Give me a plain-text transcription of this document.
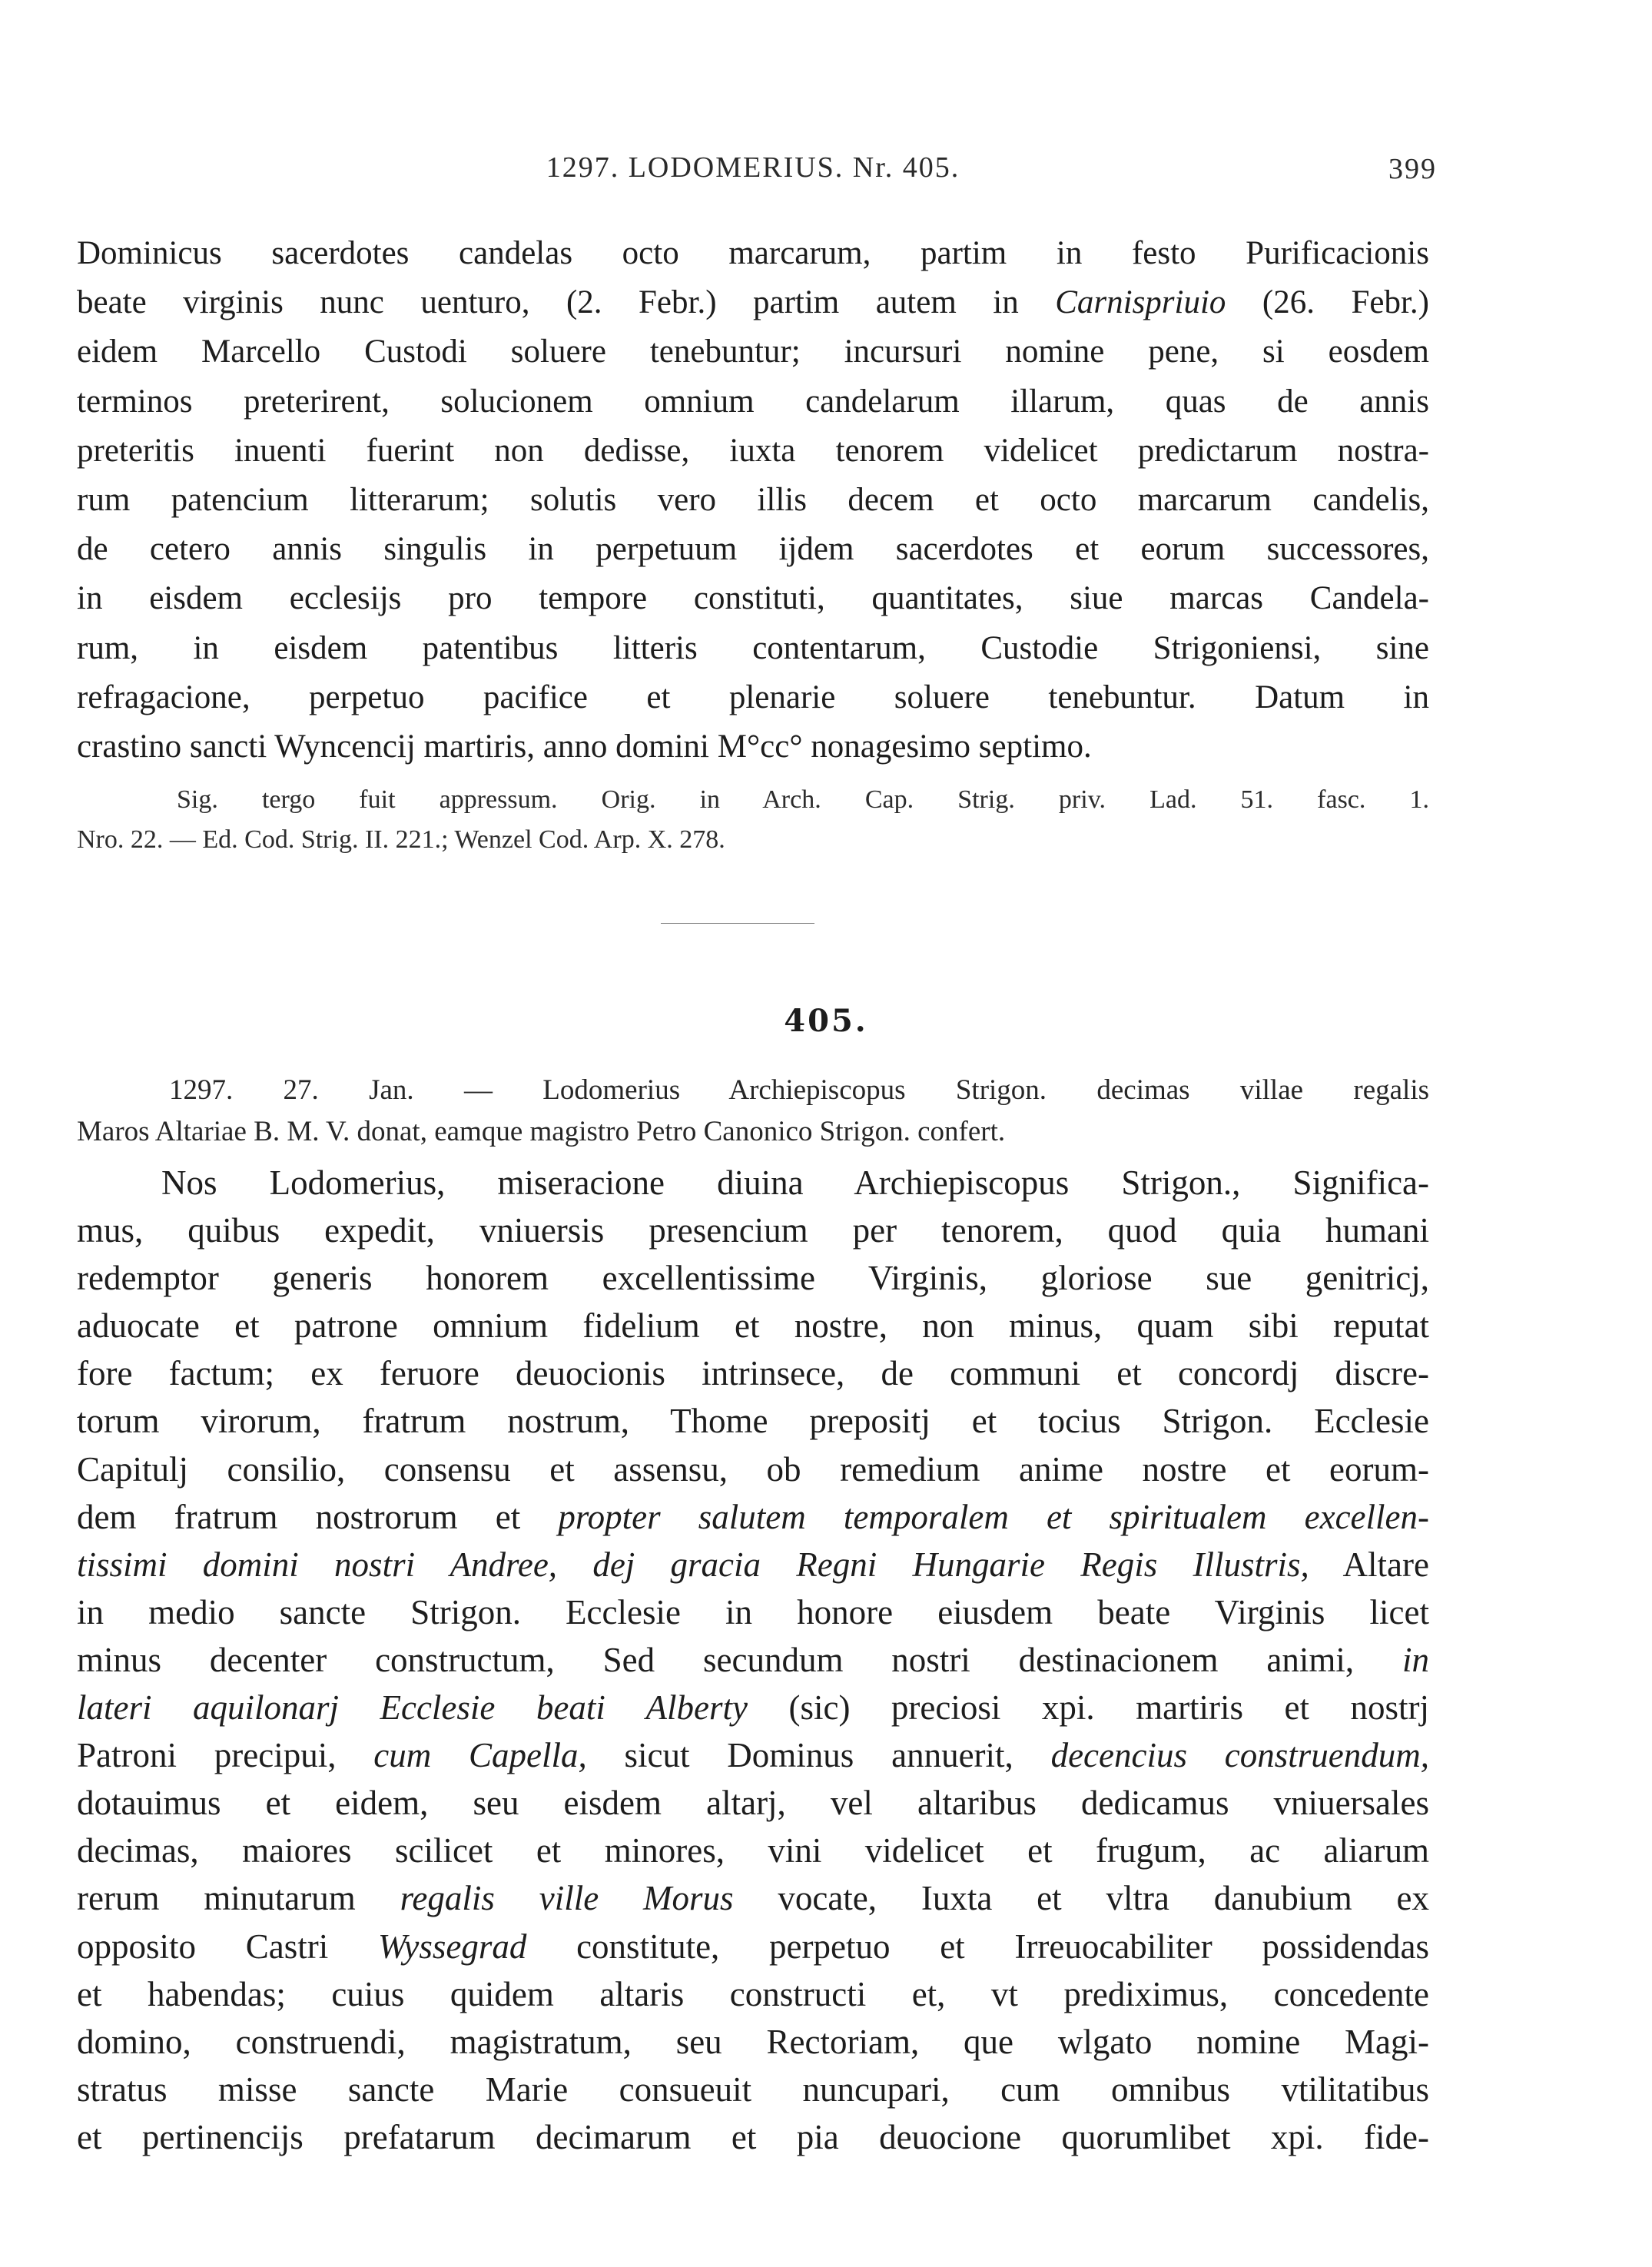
1297. LODOMERIUS. Nr. 405.	399
Dominicus sacerdotes candelas octo marcarum, partim in festo Purificacionis
beate virginis nunc uenturo, (2. Febr.) partim autem in Carnispriuio (26. Febr.)
eidem Marcello Custodi soluere tenebuntur; incursuri nomine pene, si eosdem
terminos preterirent, solucionem omnium candelarum illarum, quas de annis
preteritis inuenti fuerint non dedisse, iuxta tenorem videlicet predictarum nostra-
rum patencium litterarum; solutis vero illis decem et octo marcarum candelis,
de cetero annis singulis in perpetuum ijdem sacerdotes et eorum successores,
in eisdem ecclesijs pro tempore constituti, quantitates, siue marcas Candela-
rum, in eisdem patentibus litteris contentarum, Custodie Strigoniensi, sine
refragacione, perpetuo pacifice et plenarie soluere tenebuntur. Datum in
crastino sancti Wyncencij martiris, anno domini M°cc° nonagesimo septimo.
Sig. tergo fuit appressum. Orig. in Arch. Cap. Strig. priv. Lad. 51. fasc. 1.
Nro. 22. — Ed. Cod. Strig. II. 221.; Wenzel Cod. Arp. X. 278.
405.
1297. 27. Jan. — Lodomerius Archiepiscopus Strigon. decimas villae regalis
Maros Altariae B. M. V. donat, eamque magistro Petro Canonico Strigon. confert.
Nos Lodomerius, miseracione diuina Archiepiscopus Strigon., Significa-
mus, quibus expedit, vniuersis presencium per tenorem, quod quia humani
redemptor generis honorem excellentissime Virginis, gloriose sue genitricj,
aduocate et patrone omnium fidelium et nostre, non minus, quam sibi reputat
fore factum; ex feruore deuocionis intrinsece, de communi et concordj discre-
torum virorum, fratrum nostrum, Thome prepositj et tocius Strigon. Ecclesie
Capitulj consilio, consensu et assensu, ob remedium anime nostre et eorum-
dem fratrum nostrorum et propter salutem temporalem et spiritualem excellen-
tissimi domini nostri Andree, dej gracia Regni Hungarie Regis Illustris, Altare
in medio sancte Strigon. Ecclesie in honore eiusdem beate Virginis licet
minus decenter constructum, Sed secundum nostri destinacionem animi, in
lateri aquilonarj Ecclesie beati Alberty (sic) preciosi xpi. martiris et nostrj
Patroni precipui, cum Capella, sicut Dominus annuerit, decencius construendum,
dotauimus et eidem, seu eisdem altarj, vel altaribus dedicamus vniuersales
decimas, maiores scilicet et minores, vini videlicet et frugum, ac aliarum
rerum minutarum regalis ville Morus vocate, Iuxta et vltra danubium ex
opposito Castri Wyssegrad constitute, perpetuo et Irreuocabiliter possidendas
et habendas; cuius quidem altaris constructi et, vt prediximus, concedente
domino, construendi, magistratum, seu Rectoriam, que wlgato nomine Magi-
stratus misse sancte Marie consueuit nuncupari, cum omnibus vtilitatibus
et pertinencijs prefatarum decimarum et pia deuocione quorumlibet xpi. fide-
